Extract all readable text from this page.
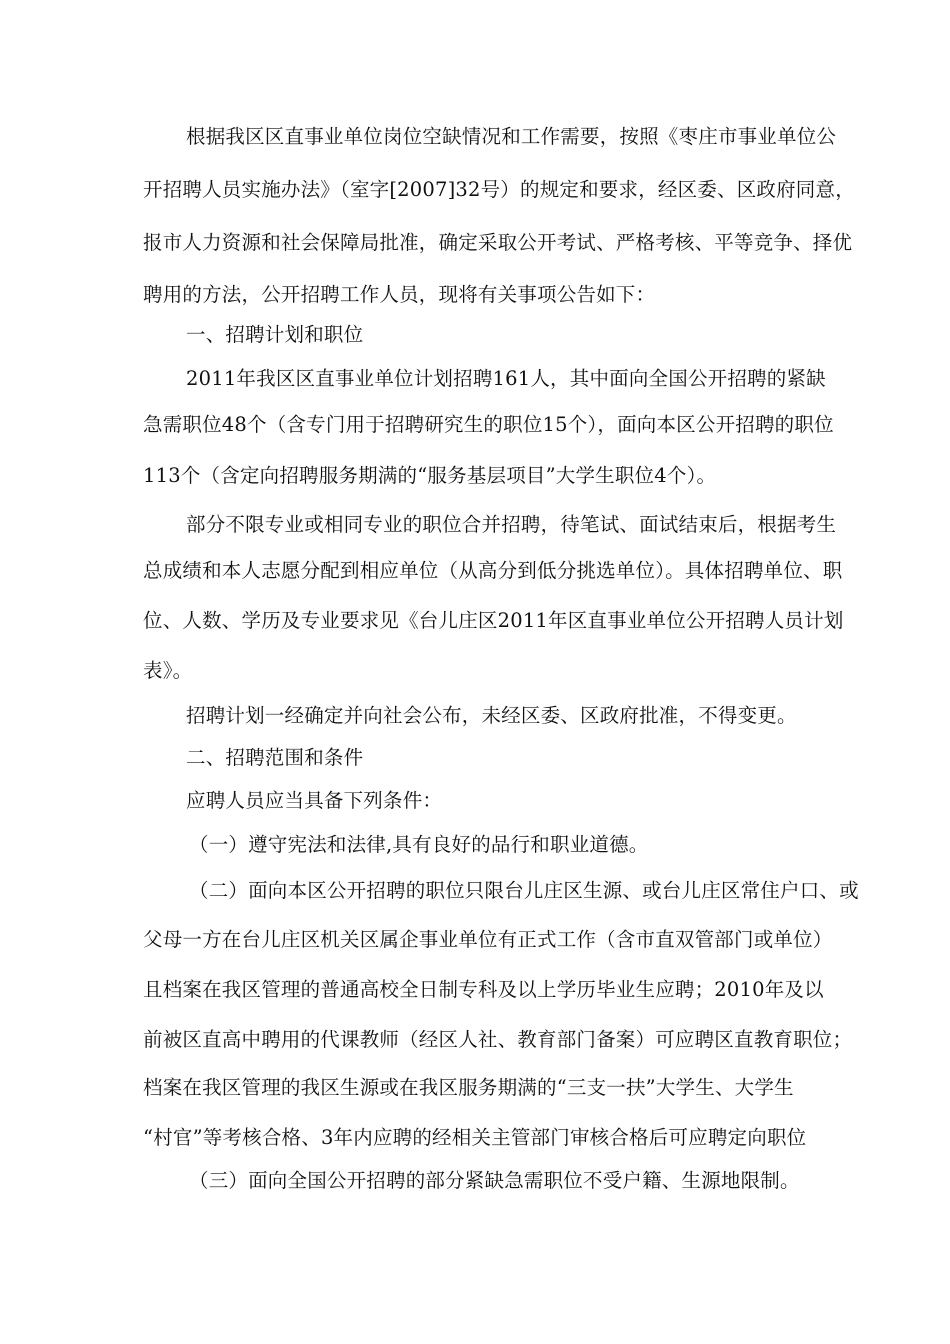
根据我区区直事业单位岗位空缺情况和工作需要，按照《枣庄市事业单位公
开招聘人员实施办法》（室字[2007]32号）的规定和要求，经区委、区政府同意，
报市人力资源和社会保障局批准，确定采取公开考试、严格考核、平等竞争、择优
聘用的方法，公开招聘工作人员，现将有关事项公告如下：
一、招聘计划和职位
2011年我区区直事业单位计划招聘161人，其中面向全国公开招聘的紧缺
急需职位48个（含专门用于招聘研究生的职位15个），面向本区公开招聘的职位
113个（含定向招聘服务期满的“服务基层项目”大学生职位4个）。
部分不限专业或相同专业的职位合并招聘，待笔试、面试结束后，根据考生
总成绩和本人志愿分配到相应单位（从高分到低分挑选单位）。具体招聘单位、职
位、人数、学历及专业要求见《台儿庄区2011年区直事业单位公开招聘人员计划
表》。
招聘计划一经确定并向社会公布，未经区委、区政府批准，不得变更。
二、招聘范围和条件
应聘人员应当具备下列条件：
（一）遵守宪法和法律,具有良好的品行和职业道德。
（二）面向本区公开招聘的职位只限台儿庄区生源、或台儿庄区常住户口、或
父母一方在台儿庄区机关区属企事业单位有正式工作（含市直双管部门或单位）
且档案在我区管理的普通高校全日制专科及以上学历毕业生应聘；2010年及以
前被区直高中聘用的代课教师（经区人社、教育部门备案）可应聘区直教育职位；
档案在我区管理的我区生源或在我区服务期满的“三支一扶”大学生、大学生
“村官”等考核合格、3年内应聘的经相关主管部门审核合格后可应聘定向职位
（三）面向全国公开招聘的部分紧缺急需职位不受户籍、生源地限制。
